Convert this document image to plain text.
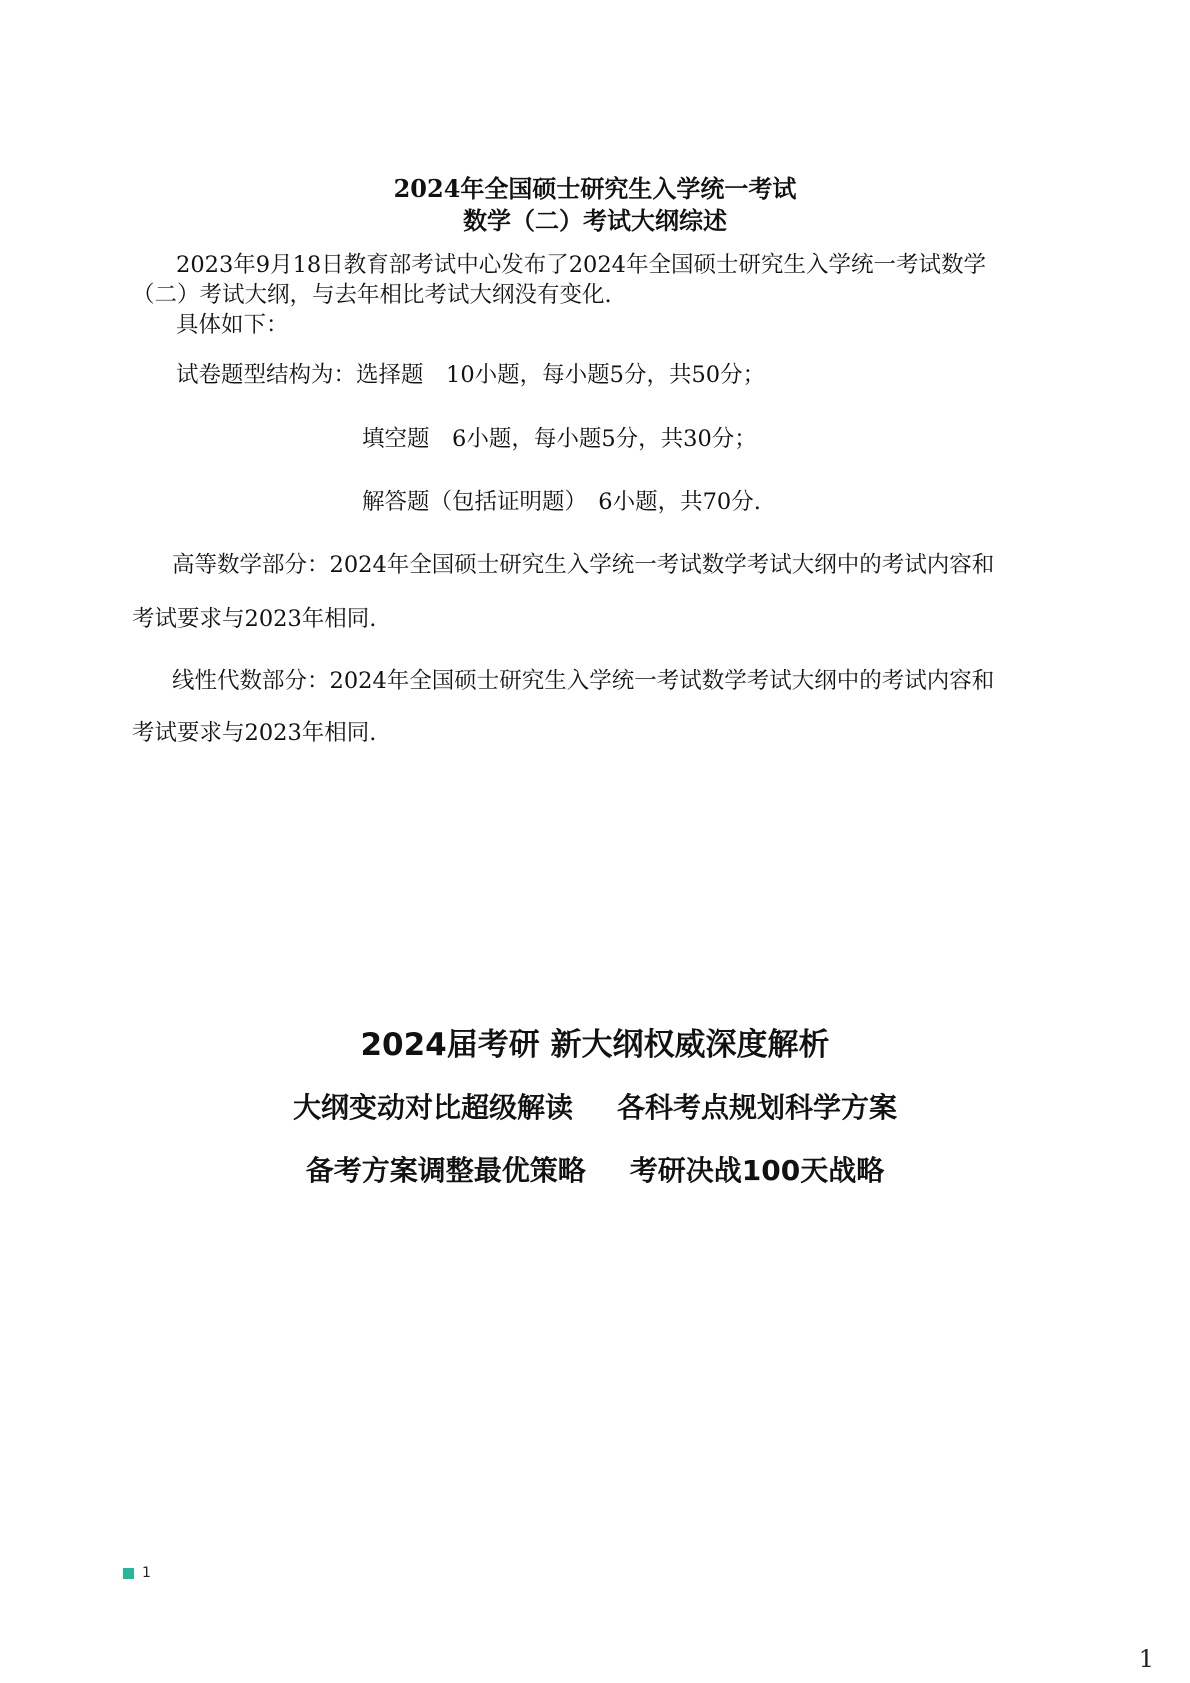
2024年全国硕士研究生入学统一考试
数学（二）考试大纲综述
2023年9月18日教育部考试中心发布了2024年全国硕士研究生入学统一考试数学
（二）考试大纲，与去年相比考试大纲没有变化.
具体如下：
试卷题型结构为：选择题　10小题，每小题5分，共50分；
填空题　6小题，每小题5分，共30分；
解答题（包括证明题）　6小题，共70分.
高等数学部分：2024年全国硕士研究生入学统一考试数学考试大纲中的考试内容和
考试要求与2023年相同.
线性代数部分：2024年全国硕士研究生入学统一考试数学考试大纲中的考试内容和
考试要求与2023年相同.
2024届考研 新大纲权威深度解析
大纲变动对比超级解读 各科考点规划科学方案
备考方案调整最优策略 考研决战100天战略
1
1
